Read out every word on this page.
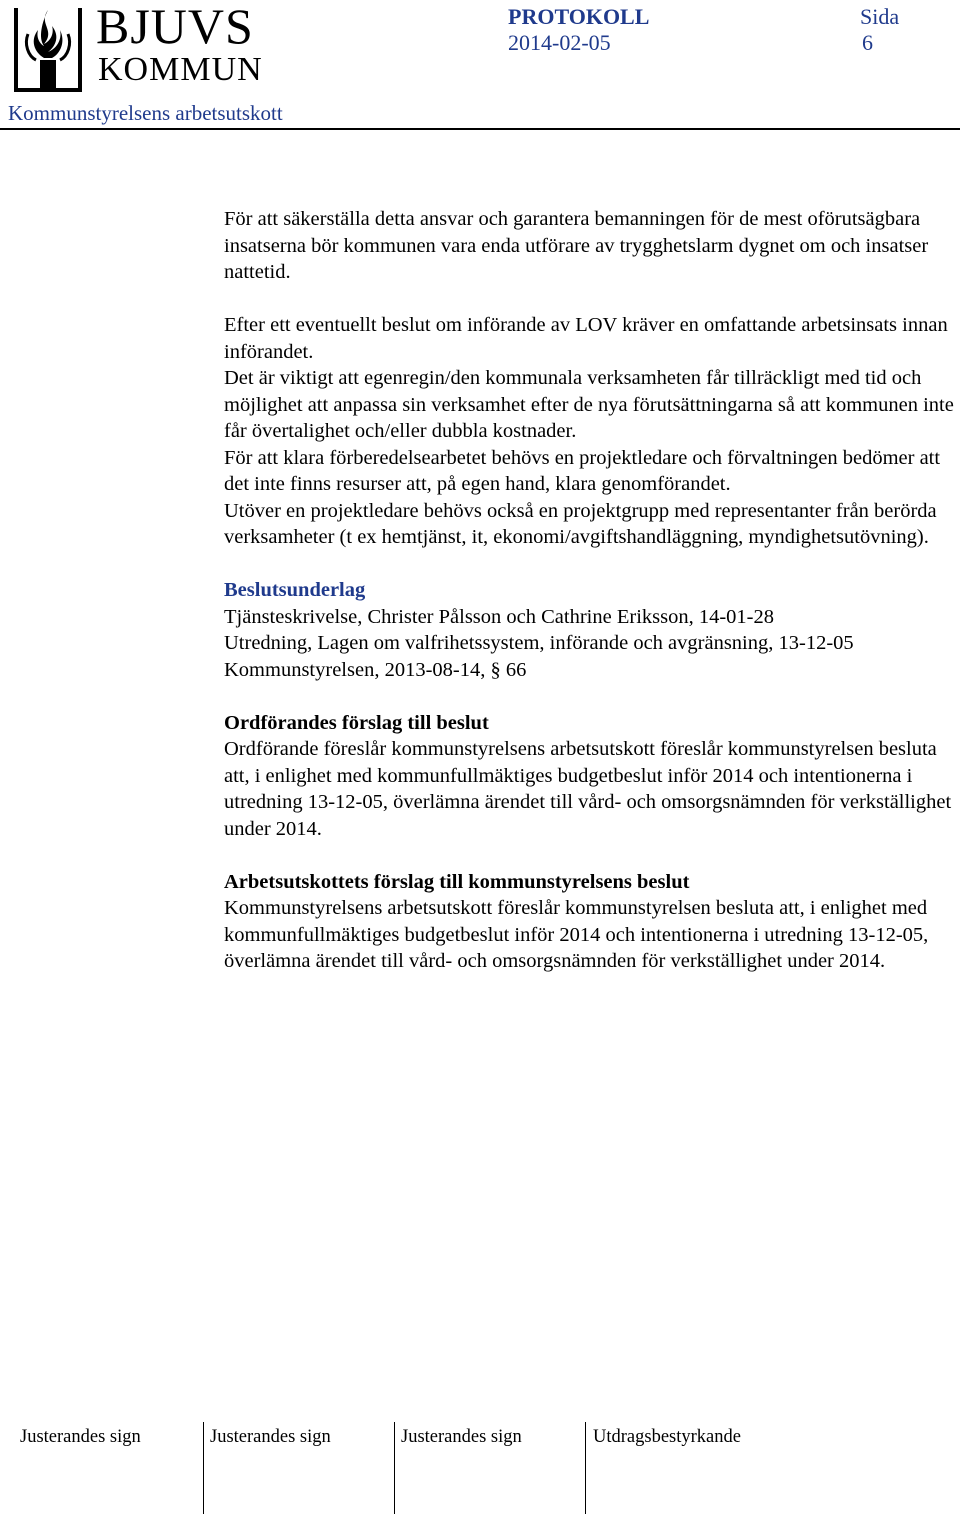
BJUVS
KOMMUN
PROTOKOLL
2014-02-05
Sida
6
Kommunstyrelsens arbetsutskott

För att säkerställa detta ansvar och garantera bemanningen för de mest oförutsägbara insatserna bör kommunen vara enda utförare av trygghetslarm dygnet om och insatser nattetid.

Efter ett eventuellt beslut om införande av LOV kräver en omfattande arbetsinsats innan införandet.

Det är viktigt att egenregin/den kommunala verksamheten får tillräckligt med tid och möjlighet att anpassa sin verksamhet efter de nya förutsättningarna så att kommunen inte får övertalighet och/eller dubbla kostnader.

För att klara förberedelsearbetet behövs en projektledare och förvaltningen bedömer att det inte finns resurser att, på egen hand, klara genomförandet.

Utöver en projektledare behövs också en projektgrupp med representanter från berörda verksamheter (t ex hemtjänst, it, ekonomi/avgiftshandläggning, myndighetsutövning).

Beslutsunderlag

Tjänsteskrivelse, Christer Pålsson och Cathrine Eriksson, 14-01-28

Utredning, Lagen om valfrihetssystem, införande och avgränsning, 13-12-05

Kommunstyrelsen, 2013-08-14, § 66

Ordförandes förslag till beslut

Ordförande föreslår kommunstyrelsens arbetsutskott föreslår kommunstyrelsen besluta att, i enlighet med kommunfullmäktiges budgetbeslut inför 2014 och intentionerna i utredning 13-12-05, överlämna ärendet till vård- och omsorgsnämnden för verkställighet under 2014.

Arbetsutskottets förslag till kommunstyrelsens beslut

Kommunstyrelsens arbetsutskott föreslår kommunstyrelsen besluta att, i enlighet med kommunfullmäktiges budgetbeslut inför 2014 och intentionerna i utredning 13-12-05, överlämna ärendet till vård- och omsorgsnämnden för verkställighet under 2014.

Justerandes sign	Justerandes sign	Justerandes sign	Utdragsbestyrkande
